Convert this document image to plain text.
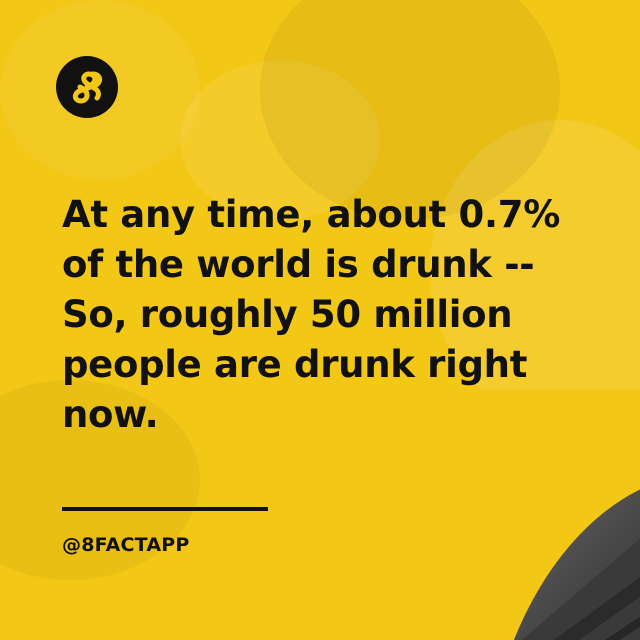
At any time, about 0.7% of the world is drunk -- So, roughly 50 million people are drunk right now.

@8FACTAPP
